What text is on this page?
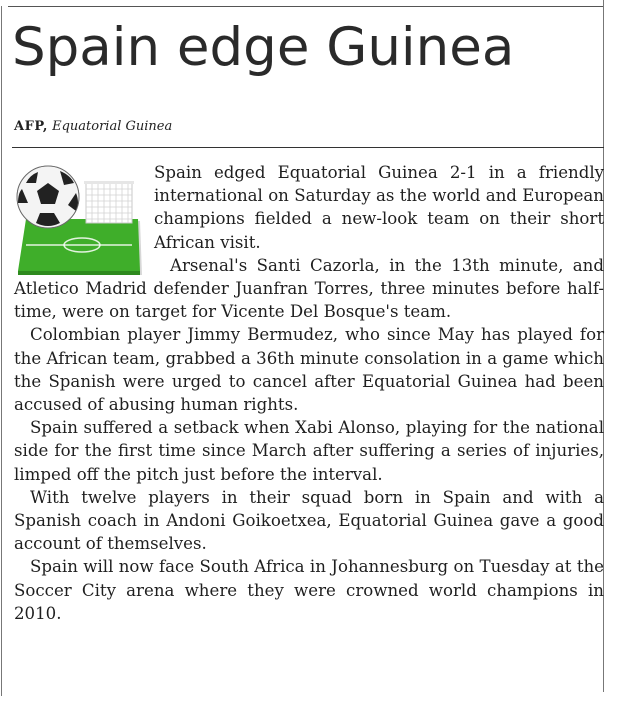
Spain edge Guinea
AFP, Equatorial Guinea

Spain edged Equatorial Guinea 2-1 in a friendly international on Saturday as the world and European champions fielded a new-look team on their short African visit.

Arsenal's Santi Cazorla, in the 13th minute, and Atletico Madrid defender Juanfran Torres, three minutes before half-time, were on target for Vicente Del Bosque's team.

Colombian player Jimmy Bermudez, who since May has played for the African team, grabbed a 36th minute consolation in a game which the Spanish were urged to cancel after Equatorial Guinea had been accused of abusing human rights.

Spain suffered a setback when Xabi Alonso, playing for the national side for the first time since March after suffering a series of injuries, limped off the pitch just before the interval.

With twelve players in their squad born in Spain and with a Spanish coach in Andoni Goikoetxea, Equatorial Guinea gave a good account of themselves.

Spain will now face South Africa in Johannesburg on Tuesday at the Soccer City arena where they were crowned world champions in 2010.
